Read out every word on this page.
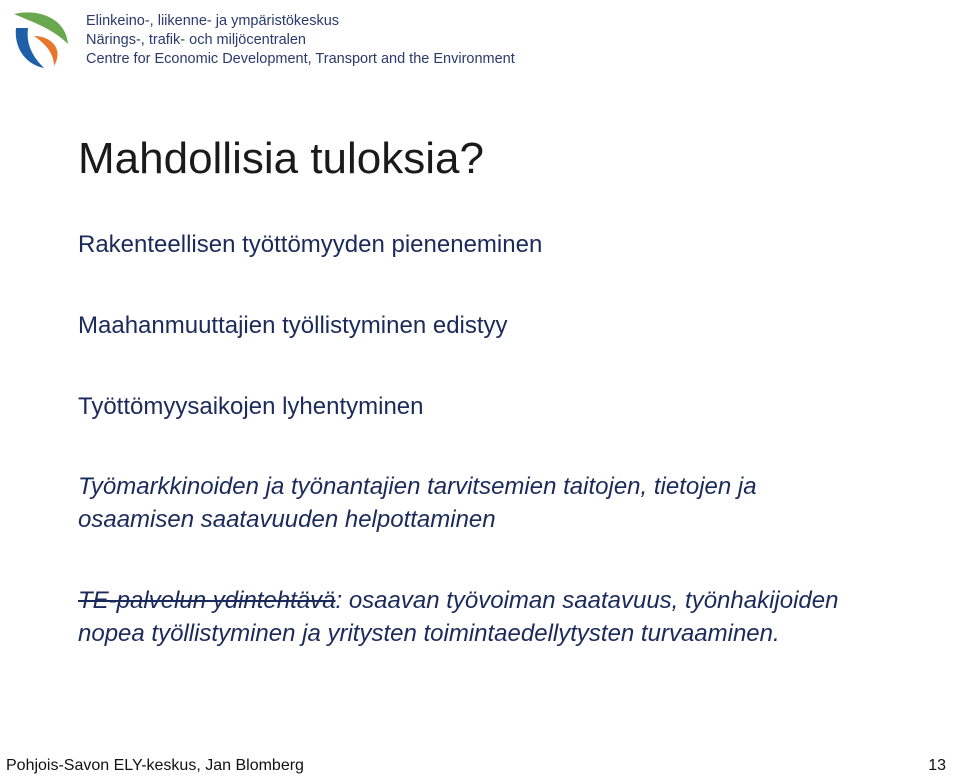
Elinkeino-, liikenne- ja ympäristökeskus
Närings-, trafik- och miljöcentralen
Centre for Economic Development, Transport and the Environment
Mahdollisia tuloksia?
Rakenteellisen työttömyyden pieneneminen
Maahanmuuttajien työllistyminen edistyy
Työttömyysaikojen lyhentyminen
Työmarkkinoiden ja työnantajien tarvitsemien taitojen, tietojen ja
osaamisen saatavuuden helpottaminen
TE-palvelun ydintehtävä: osaavan työvoiman saatavuus, työnhakijoiden
nopea työllistyminen ja yritysten toimintaedellytysten turvaaminen.
Pohjois-Savon ELY-keskus, Jan Blomberg	13
